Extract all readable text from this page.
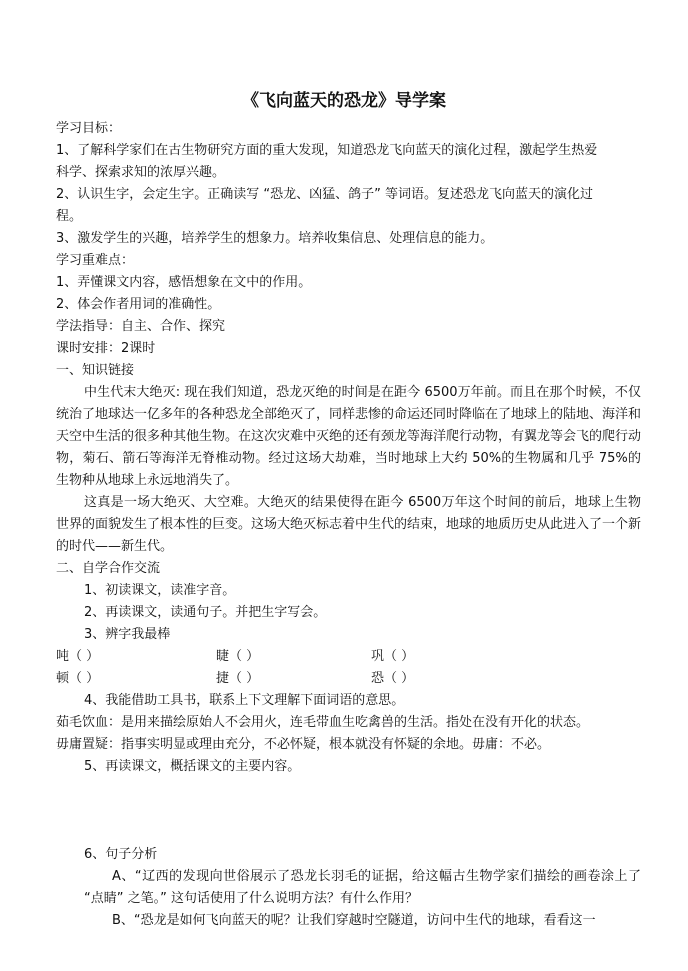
《飞向蓝天的恐龙》导学案
学习目标：
1、了解科学家们在古生物研究方面的重大发现，知道恐龙飞向蓝天的演化过程，激起学生热爱
科学、探索求知的浓厚兴趣。
2、认识生字，会定生字。正确读写 “恐龙、凶猛、鸽子” 等词语。复述恐龙飞向蓝天的演化过
程。
3、激发学生的兴趣，培养学生的想象力。培养收集信息、处理信息的能力。
学习重难点：
1、弄懂课文内容，感悟想象在文中的作用。
2、体会作者用词的准确性。
学法指导：自主、合作、探究
课时安排：2课时
一、知识链接
中生代末大绝灭: 现在我们知道，恐龙灭绝的时间是在距今 6500万年前。而且在那个时候，不仅统治了地球达一亿多年的各种恐龙全部绝灭了，同样悲惨的命运还同时降临在了地球上的陆地、海洋和天空中生活的很多种其他生物。在这次灾难中灭绝的还有颈龙等海洋爬行动物，有翼龙等会飞的爬行动物，菊石、箭石等海洋无脊椎动物。经过这场大劫难，当时地球上大约 50%的生物属和几乎 75%的生物种从地球上永远地消失了。
这真是一场大绝灭、大空难。大绝灭的结果使得在距今 6500万年这个时间的前后，地球上生物世界的面貌发生了根本性的巨变。这场大绝灭标志着中生代的结束，地球的地质历史从此进入了一个新的时代——新生代。
二、自学合作交流
1、初读课文，读准字音。
2、再读课文，读通句子。并把生字写会。
3、辨字我最棒
吨（ ）	睫（ ）	巩（ ）
顿（ ）	捷（ ）	恐（ ）
4、我能借助工具书，联系上下文理解下面词语的意思。
茹毛饮血：是用来描绘原始人不会用火，连毛带血生吃禽兽的生活。指处在没有开化的状态。
毋庸置疑：指事实明显或理由充分，不必怀疑，根本就没有怀疑的余地。毋庸：不必。
5、再读课文，概括课文的主要内容。
6、句子分析
A、“辽西的发现向世俗展示了恐龙长羽毛的证据，给这幅古生物学家们描绘的画卷涂上了 “点睛” 之笔。” 这句话使用了什么说明方法？有什么作用？
B、“恐龙是如何飞向蓝天的呢？让我们穿越时空隧道，访问中生代的地球，看看这一
